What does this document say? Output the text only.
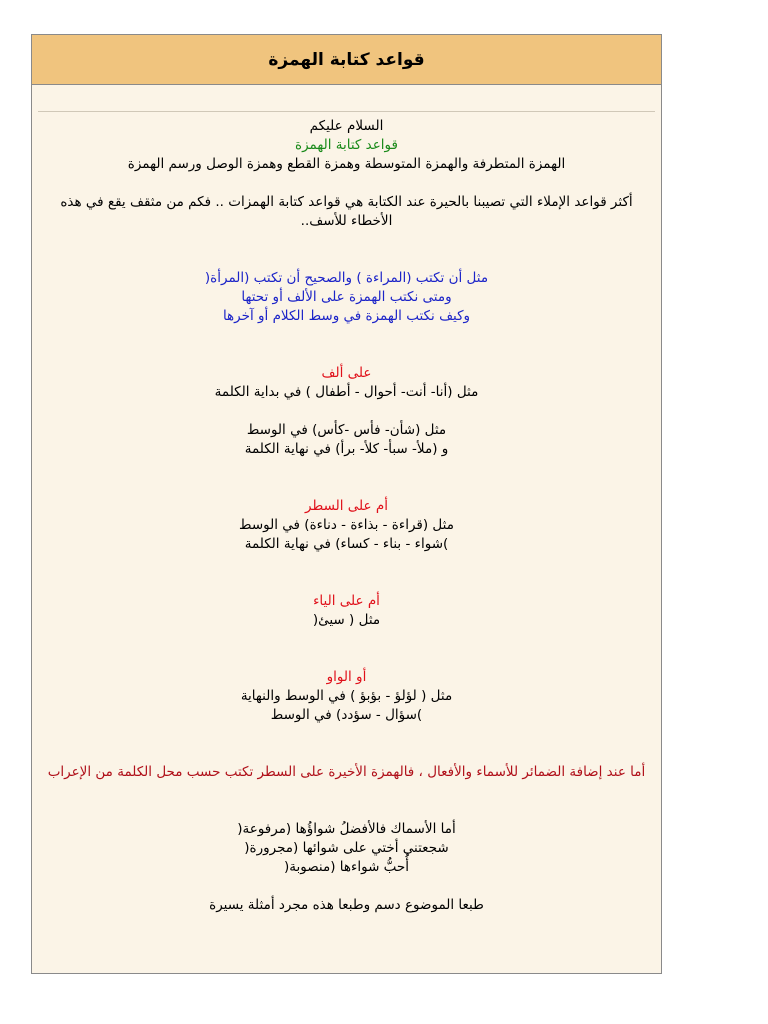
قواعد كتابة الهمزة
السلام عليكم
قواعد كتابة الهمزة
الهمزة المتطرفة والهمزة المتوسطة وهمزة القطع وهمزة الوصل ورسم الهمزة
أكثر قواعد الإملاء التي تصيبنا بالحيرة عند الكتابة هي قواعد كتابة الهمزات .. فكم من مثقف يقع في هذه الأخطاء للأسف..
مثل أن تكتب (المراءة ) والصحيح أن تكتب (المرأة(
ومتى نكتب الهمزة على الألف أو تحتها
وكيف نكتب الهمزة في وسط الكلام أو آخرها
على ألف
مثل (أنا- أنت- أحوال - أطفال ) في بداية الكلمة
مثل (شأن- فأس -كأس) في الوسط
و (ملأ- سبأ- كلأ- برأ) في نهاية الكلمة
أم على السطر
مثل (قراءة - بذاءة - دناءة) في الوسط
)شواء - بناء - كساء) في نهاية الكلمة
أم على الياء
مثل ( سيئ(
أو الواو
مثل ( لؤلؤ - بؤبؤ ) في الوسط والنهاية
)سؤال - سؤدد) في الوسط
أما عند إضافة الضمائر للأسماء والأفعال ، فالهمزة الأخيرة على السطر تكتب حسب محل الكلمة من الإعراب
أما الأسماك فالأفضلُ شواؤُها (مرفوعة(
شجعتني أختي على شوائها (مجرورة(
أُحبُّ شواءها (منصوبة(
طبعا الموضوع دسم وطبعا هذه مجرد أمثلة يسيرة
